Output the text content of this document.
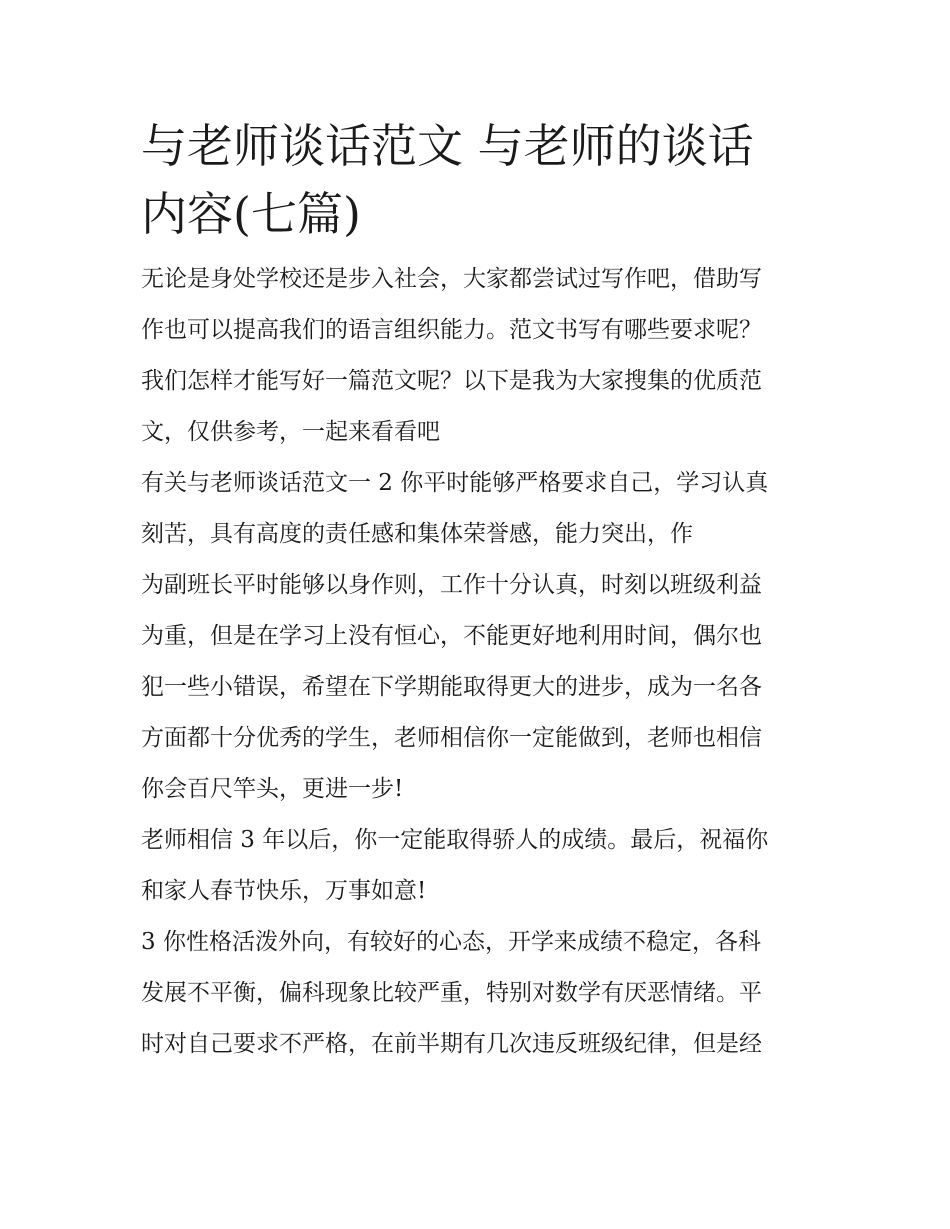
与老师谈话范文 与老师的谈话
内容(七篇)

无论是身处学校还是步入社会，大家都尝试过写作吧，借助写
作也可以提高我们的语言组织能力。范文书写有哪些要求呢？
我们怎样才能写好一篇范文呢？以下是我为大家搜集的优质范
文，仅供参考，一起来看看吧

有关与老师谈话范文一 2 你平时能够严格要求自己，学习认真
刻苦，具有高度的责任感和集体荣誉感，能力突出，作
为副班长平时能够以身作则，工作十分认真，时刻以班级利益
为重，但是在学习上没有恒心，不能更好地利用时间，偶尔也
犯一些小错误，希望在下学期能取得更大的进步，成为一名各
方面都十分优秀的学生，老师相信你一定能做到，老师也相信
你会百尺竿头，更进一步!

老师相信 3 年以后，你一定能取得骄人的成绩。最后，祝福你
和家人春节快乐，万事如意!

3 你性格活泼外向，有较好的心态，开学来成绩不稳定，各科
发展不平衡，偏科现象比较严重，特别对数学有厌恶情绪。平
时对自己要求不严格，在前半期有几次违反班级纪律，但是经
